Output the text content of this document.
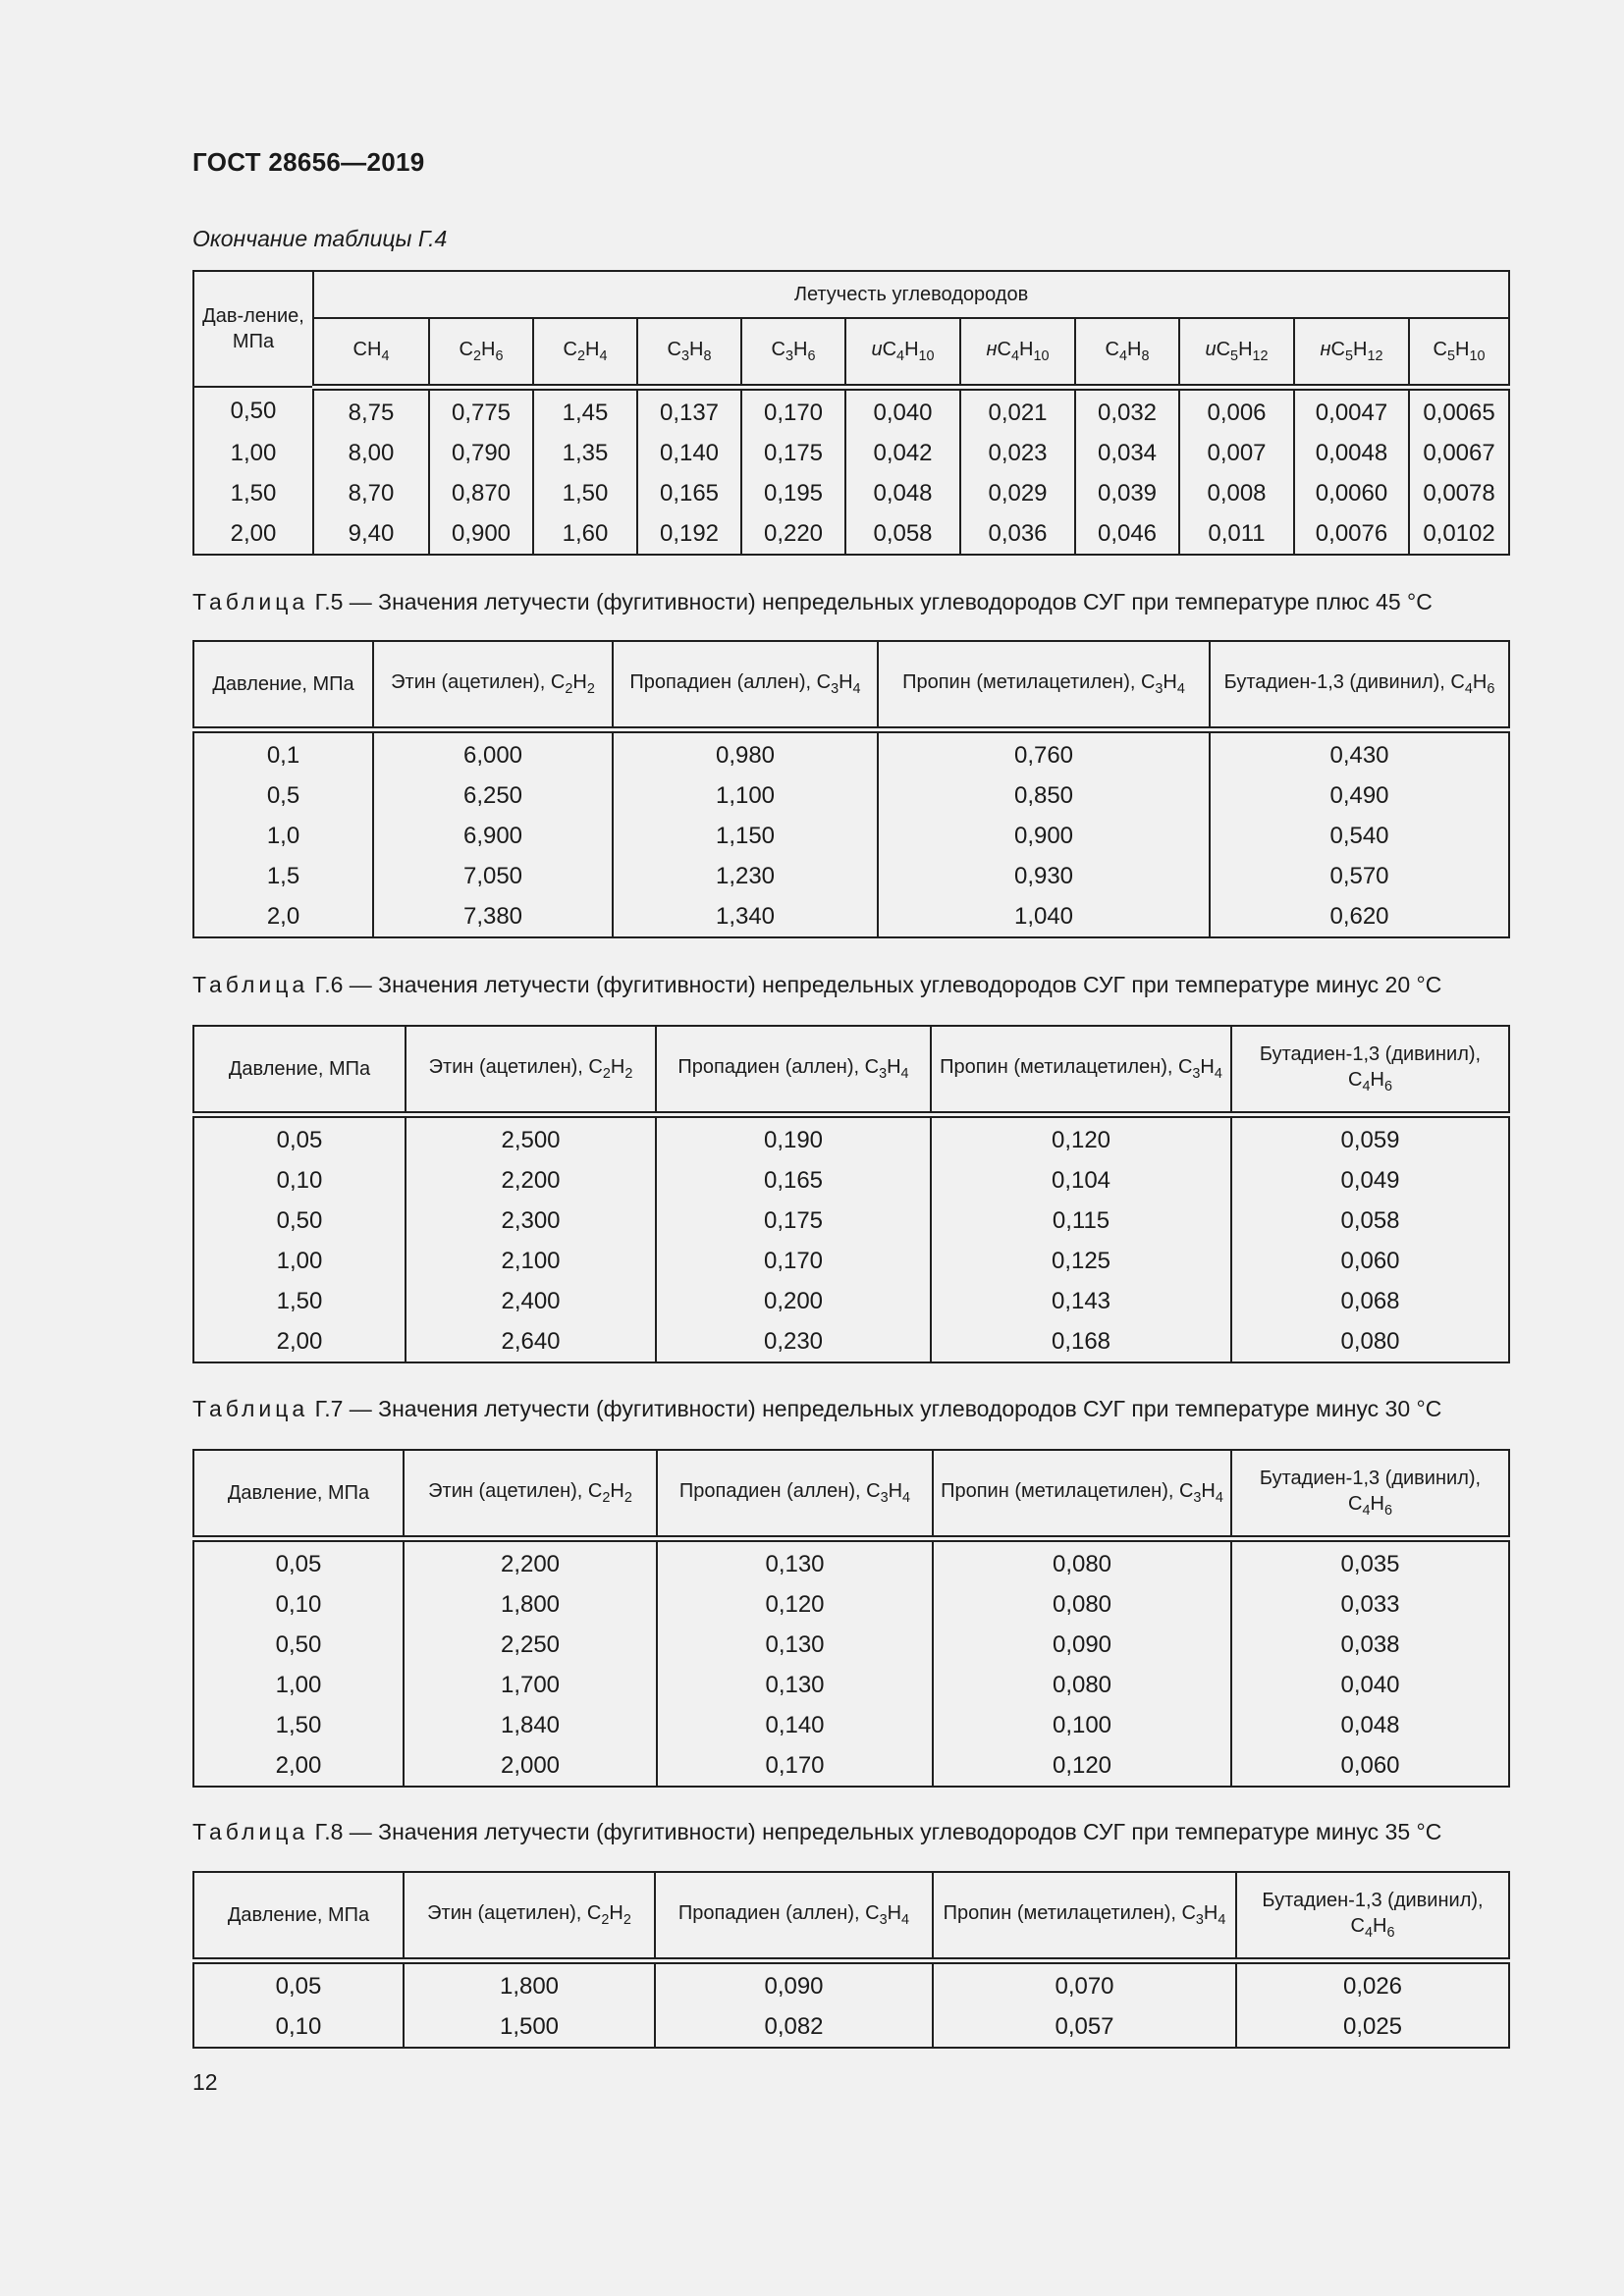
ГОСТ 28656—2019

Окончание таблицы Г.4

Дав-ление, МПа	Летучесть углеводородов										
	$CH_4$	$C_2H_6$	$C_2H_4$	$C_3H_8$	$C_3H_6$	$иC_4H_{10}$	$нC_4H_{10}$	$C_4H_8$	$иC_5H_{12}$	$нC_5H_{12}$	$C_5H_{10}$
0,50	8,75	0,775	1,45	0,137	0,170	0,040	0,021	0,032	0,006	0,0047	0,0065
1,00	8,00	0,790	1,35	0,140	0,175	0,042	0,023	0,034	0,007	0,0048	0,0067
1,50	8,70	0,870	1,50	0,165	0,195	0,048	0,029	0,039	0,008	0,0060	0,0078
2,00	9,40	0,900	1,60	0,192	0,220	0,058	0,036	0,046	0,011	0,0076	0,0102

Таблица Г.5 — Значения летучести (фугитивности) непредельных углеводородов СУГ при температуре плюс 45 °С

Давление, МПа	Этин (ацетилен), $C_2H_2$	Пропадиен (аллен), $C_3H_4$	Пропин (метилацетилен), $C_3H_4$	Бутадиен-1,3 (дивинил), $C_4H_6$
0,1	6,000	0,980	0,760	0,430
0,5	6,250	1,100	0,850	0,490
1,0	6,900	1,150	0,900	0,540
1,5	7,050	1,230	0,930	0,570
2,0	7,380	1,340	1,040	0,620

Таблица Г.6 — Значения летучести (фугитивности) непредельных углеводородов СУГ при температуре минус 20 °С

Давление, МПа	Этин (ацетилен), $C_2H_2$	Пропадиен (аллен), $C_3H_4$	Пропин (метилацетилен), $C_3H_4$	Бутадиен-1,3 (дивинил), $C_4H_6$
0,05	2,500	0,190	0,120	0,059
0,10	2,200	0,165	0,104	0,049
0,50	2,300	0,175	0,115	0,058
1,00	2,100	0,170	0,125	0,060
1,50	2,400	0,200	0,143	0,068
2,00	2,640	0,230	0,168	0,080

Таблица Г.7 — Значения летучести (фугитивности) непредельных углеводородов СУГ при температуре минус 30 °С

Давление, МПа	Этин (ацетилен), $C_2H_2$	Пропадиен (аллен), $C_3H_4$	Пропин (метилацетилен), $C_3H_4$	Бутадиен-1,3 (дивинил), $C_4H_6$
0,05	2,200	0,130	0,080	0,035
0,10	1,800	0,120	0,080	0,033
0,50	2,250	0,130	0,090	0,038
1,00	1,700	0,130	0,080	0,040
1,50	1,840	0,140	0,100	0,048
2,00	2,000	0,170	0,120	0,060

Таблица Г.8 — Значения летучести (фугитивности) непредельных углеводородов СУГ при температуре минус 35 °С

Давление, МПа	Этин (ацетилен), $C_2H_2$	Пропадиен (аллен), $C_3H_4$	Пропин (метилацетилен), $C_3H_4$	Бутадиен-1,3 (дивинил), $C_4H_6$
0,05	1,800	0,090	0,070	0,026
0,10	1,500	0,082	0,057	0,025

12
